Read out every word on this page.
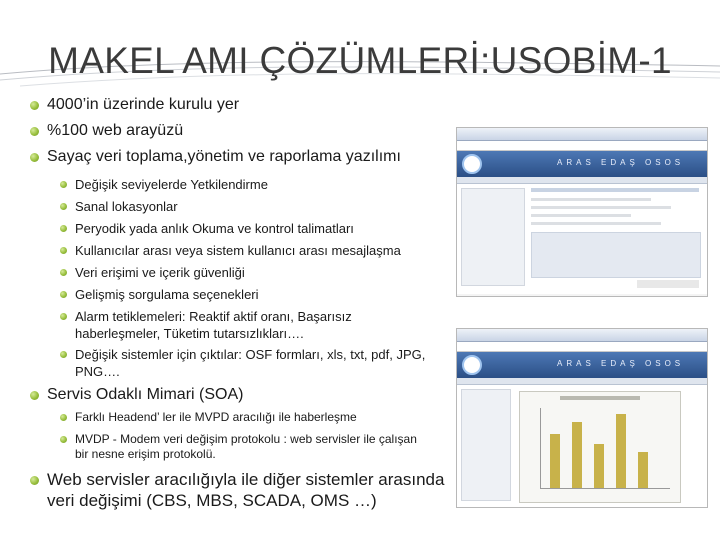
MAKEL AMI ÇÖZÜMLERİ:USOBİM-1
4000’in üzerinde kurulu yer
%100 web arayüzü
Sayaç veri toplama,yönetim ve raporlama yazılımı
Değişik seviyelerde Yetkilendirme
Sanal lokasyonlar
Peryodik yada anlık Okuma ve kontrol talimatları
Kullanıcılar arası veya sistem kullanıcı arası mesajlaşma
Veri erişimi ve içerik güvenliği
Gelişmiş sorgulama seçenekleri
Alarm tetiklemeleri: Reaktif aktif oranı, Başarısız
haberleşmeler, Tüketim tutarsızlıkları….
Değişik sistemler için çıktılar: OSF formları, xls, txt, pdf, JPG,
PNG….
Servis Odaklı Mimari (SOA)
Farklı Headend’ ler ile MVPD aracılığı ile haberleşme
MVDP - Modem veri değişim protokolu : web servisler ile çalışan
bir nesne erişim protokolü.
Web servisler aracılığıyla ile diğer sistemler arasında
veri değişimi (CBS, MBS, SCADA, OMS …)
ARAS EDAŞ OSOS
ARAS EDAŞ OSOS
